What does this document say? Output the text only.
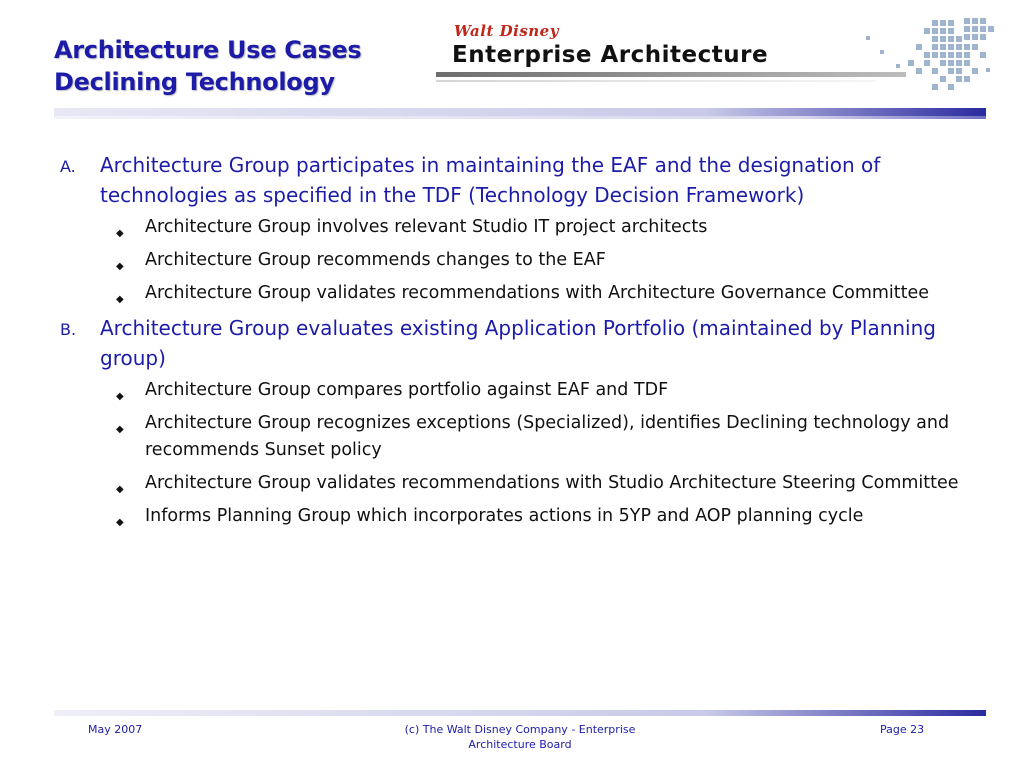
Architecture Use Cases
Declining Technology
Walt Disney
Enterprise Architecture
A. Architecture Group participates in maintaining the EAF and the designation of technologies as specified in the TDF (Technology Decision Framework)
◆ Architecture Group involves relevant Studio IT project architects
◆ Architecture Group recommends changes to the EAF
◆ Architecture Group validates recommendations with Architecture Governance Committee
B. Architecture Group evaluates existing Application Portfolio (maintained by Planning group)
◆ Architecture Group compares portfolio against EAF and TDF
◆ Architecture Group recognizes exceptions (Specialized), identifies Declining technology and recommends Sunset policy
◆ Architecture Group validates recommendations with Studio Architecture Steering Committee
◆ Informs Planning Group which incorporates actions in 5YP and AOP planning cycle
May 2007	(c) The Walt Disney Company - Enterprise Architecture Board
Page 23
